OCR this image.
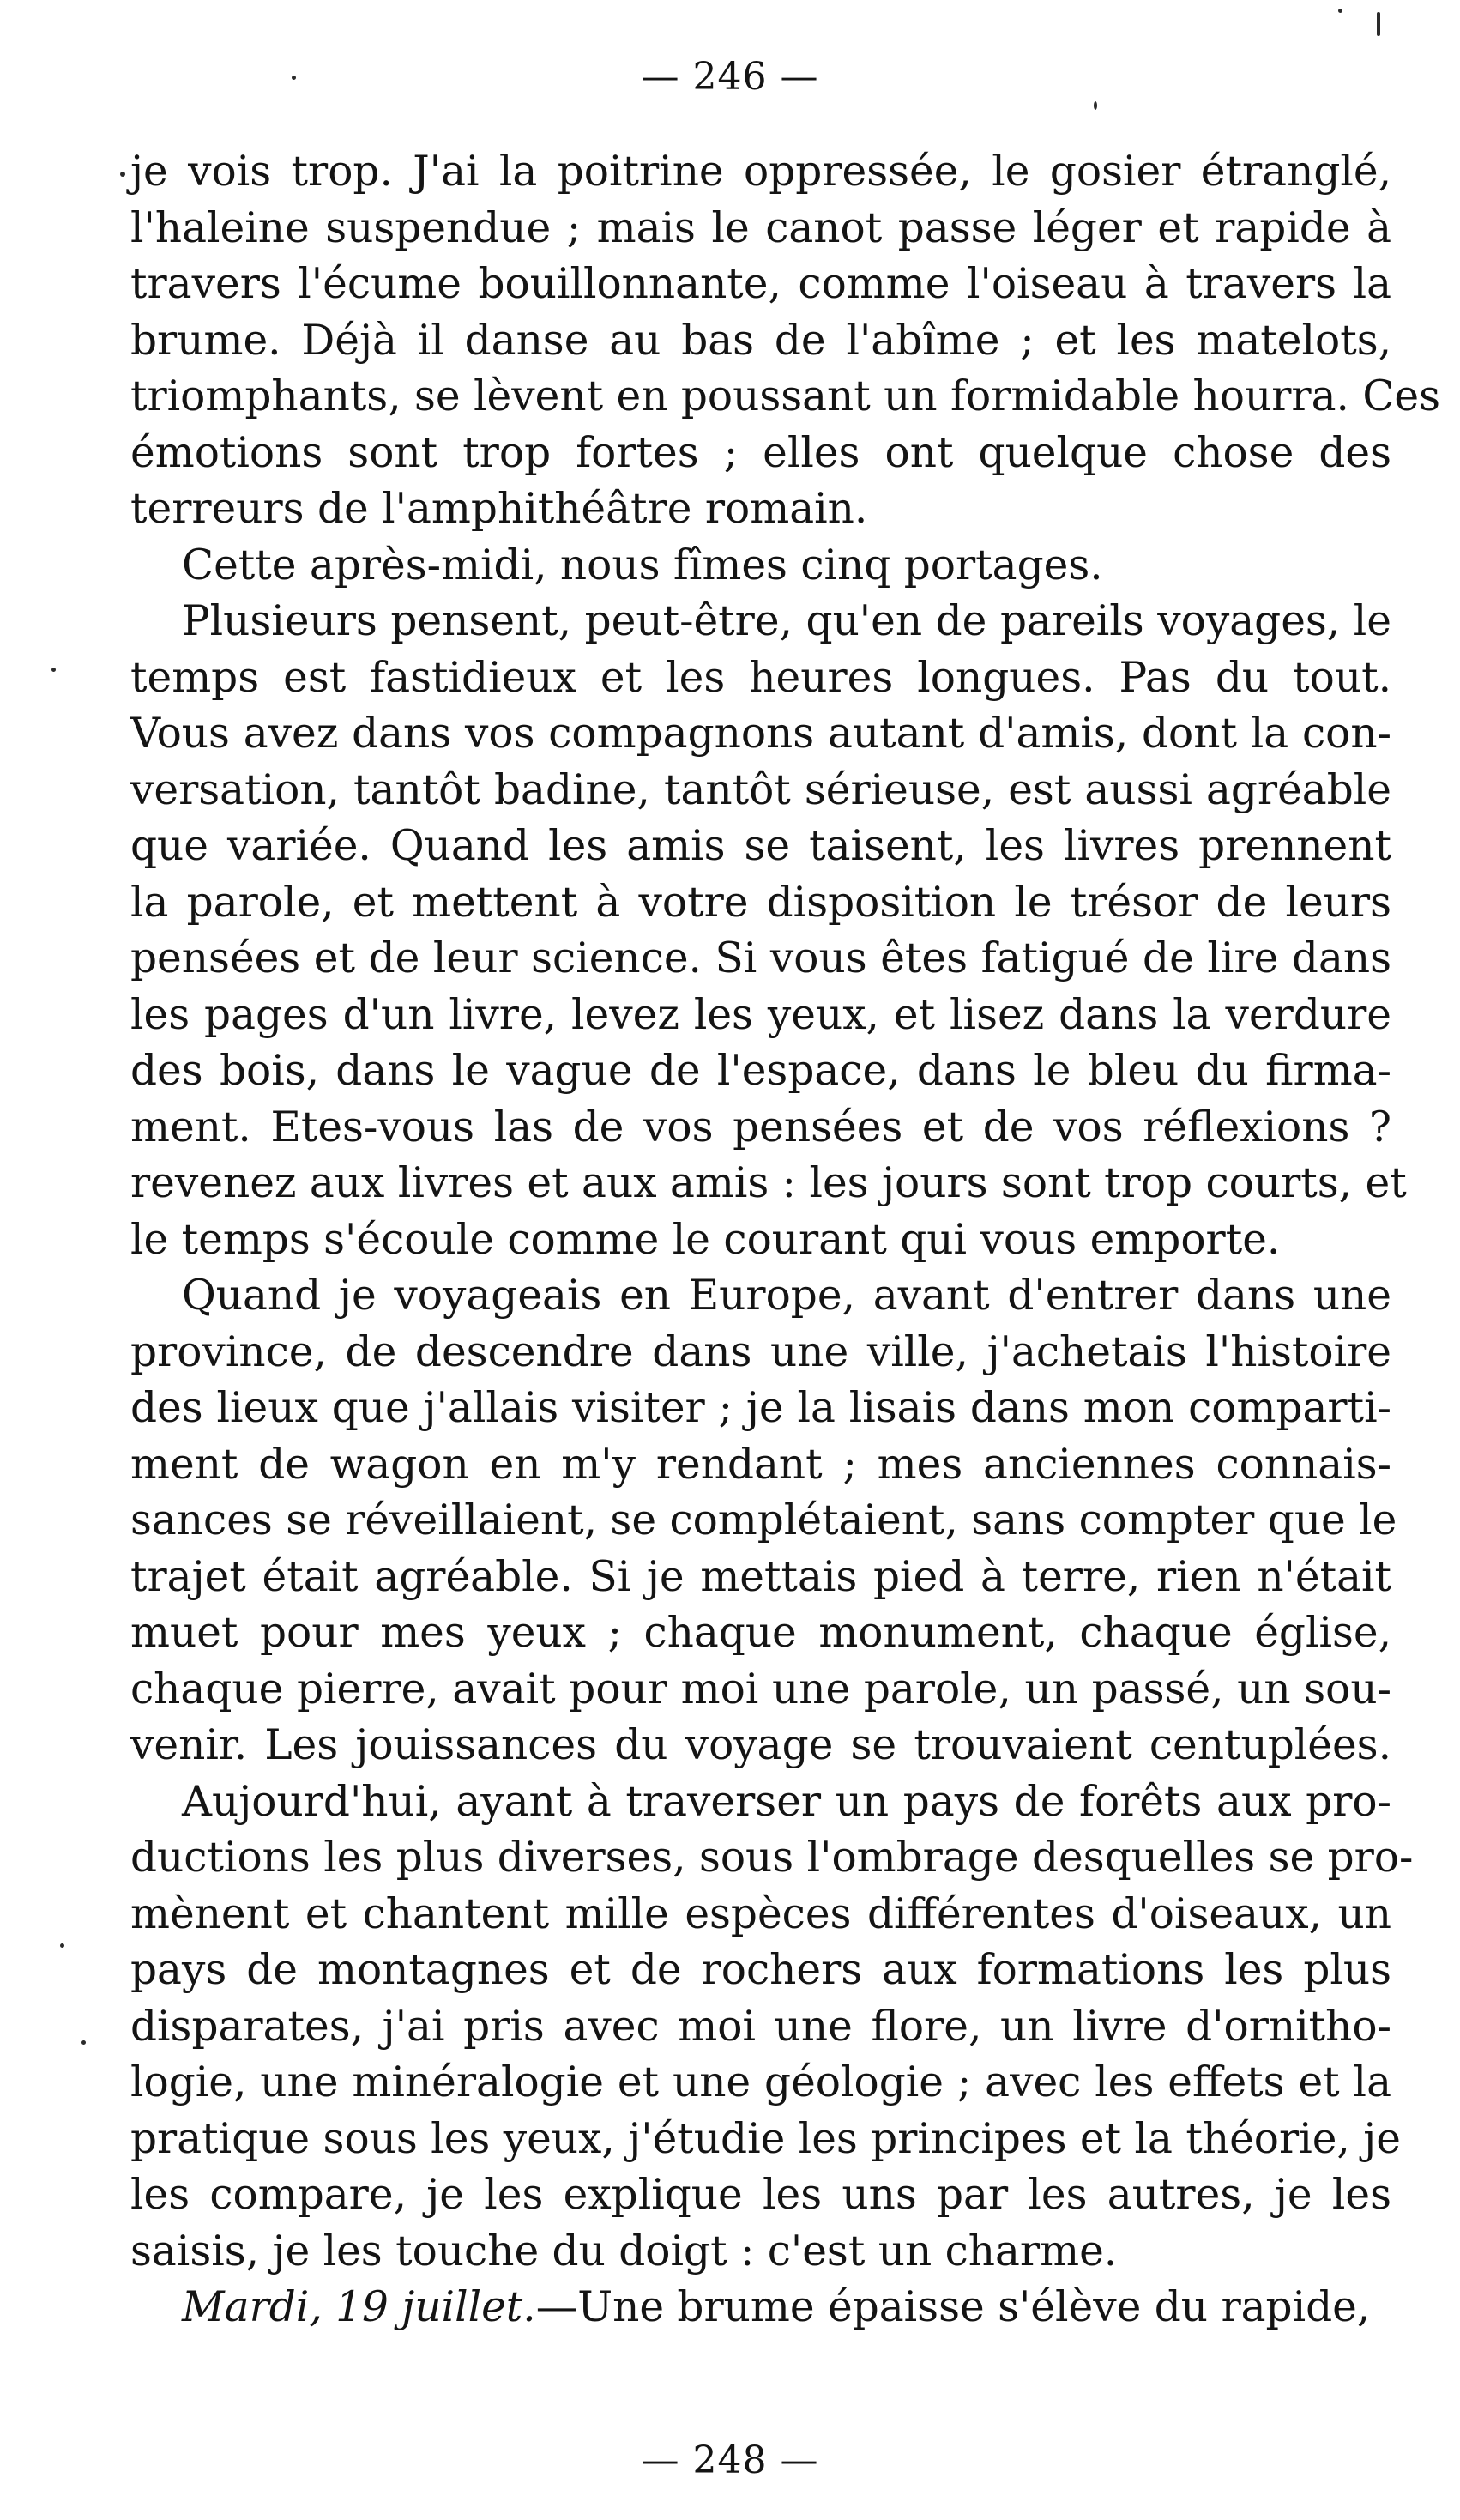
— 246 —
je vois trop. J'ai la poitrine oppressée, le gosier étranglé,
l'haleine suspendue ; mais le canot passe léger et rapide à
travers l'écume bouillonnante, comme l'oiseau à travers la
brume. Déjà il danse au bas de l'abîme ; et les matelots,
triomphants, se lèvent en poussant un formidable hourra. Ces
émotions sont trop fortes ; elles ont quelque chose des
terreurs de l'amphithéâtre romain.
Cette après-midi, nous fîmes cinq portages.
Plusieurs pensent, peut-être, qu'en de pareils voyages, le
temps est fastidieux et les heures longues. Pas du tout.
Vous avez dans vos compagnons autant d'amis, dont la con-
versation, tantôt badine, tantôt sérieuse, est aussi agréable
que variée. Quand les amis se taisent, les livres prennent
la parole, et mettent à votre disposition le trésor de leurs
pensées et de leur science. Si vous êtes fatigué de lire dans
les pages d'un livre, levez les yeux, et lisez dans la verdure
des bois, dans le vague de l'espace, dans le bleu du firma-
ment. Etes-vous las de vos pensées et de vos réflexions ?
revenez aux livres et aux amis : les jours sont trop courts, et
le temps s'écoule comme le courant qui vous emporte.
Quand je voyageais en Europe, avant d'entrer dans une
province, de descendre dans une ville, j'achetais l'histoire
des lieux que j'allais visiter ; je la lisais dans mon comparti-
ment de wagon en m'y rendant ; mes anciennes connais-
sances se réveillaient, se complétaient, sans compter que le
trajet était agréable. Si je mettais pied à terre, rien n'était
muet pour mes yeux ; chaque monument, chaque église,
chaque pierre, avait pour moi une parole, un passé, un sou-
venir. Les jouissances du voyage se trouvaient centuplées.
Aujourd'hui, ayant à traverser un pays de forêts aux pro-
ductions les plus diverses, sous l'ombrage desquelles se pro-
mènent et chantent mille espèces différentes d'oiseaux, un
pays de montagnes et de rochers aux formations les plus
disparates, j'ai pris avec moi une flore, un livre d'ornitho-
logie, une minéralogie et une géologie ; avec les effets et la
pratique sous les yeux, j'étudie les principes et la théorie, je
les compare, je les explique les uns par les autres, je les
saisis, je les touche du doigt : c'est un charme.
Mardi, 19 juillet.—Une brume épaisse s'élève du rapide,
— 248 —
